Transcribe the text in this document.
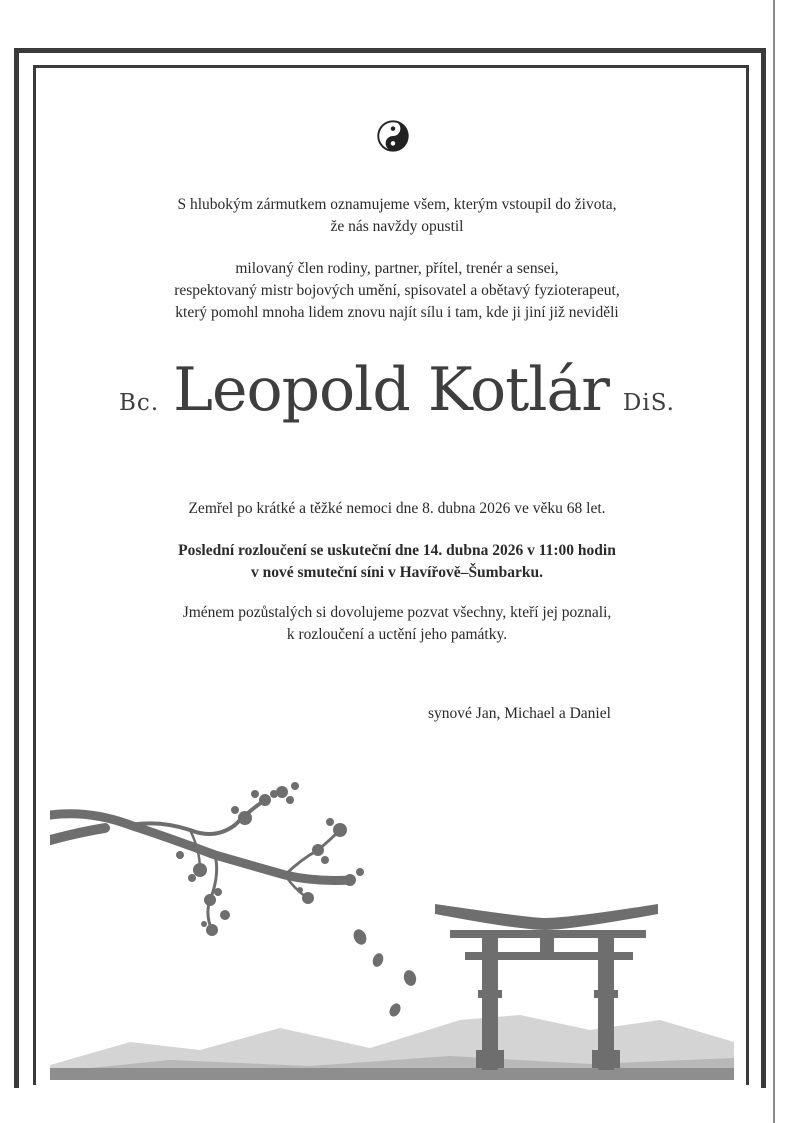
S hlubokým zármutkem oznamujeme všem, kterým vstoupil do života,
že nás navždy opustil
milovaný člen rodiny, partner, přítel, trenér a sensei,
respektovaný mistr bojových umění, spisovatel a obětavý fyzioterapeut,
který pomohl mnoha lidem znovu najít sílu i tam, kde ji jiní již neviděli
Bc. Leopold Kotlár DiS.
Zemřel po krátké a těžké nemoci dne 8. dubna 2026 ve věku 68 let.
Poslední rozloučení se uskuteční dne 14. dubna 2026 v 11:00 hodin
v nové smuteční síni v Havířově–Šumbarku.
Jménem pozůstalých si dovolujeme pozvat všechny, kteří jej poznali,
k rozloučení a uctění jeho památky.
synové Jan, Michael a Daniel
